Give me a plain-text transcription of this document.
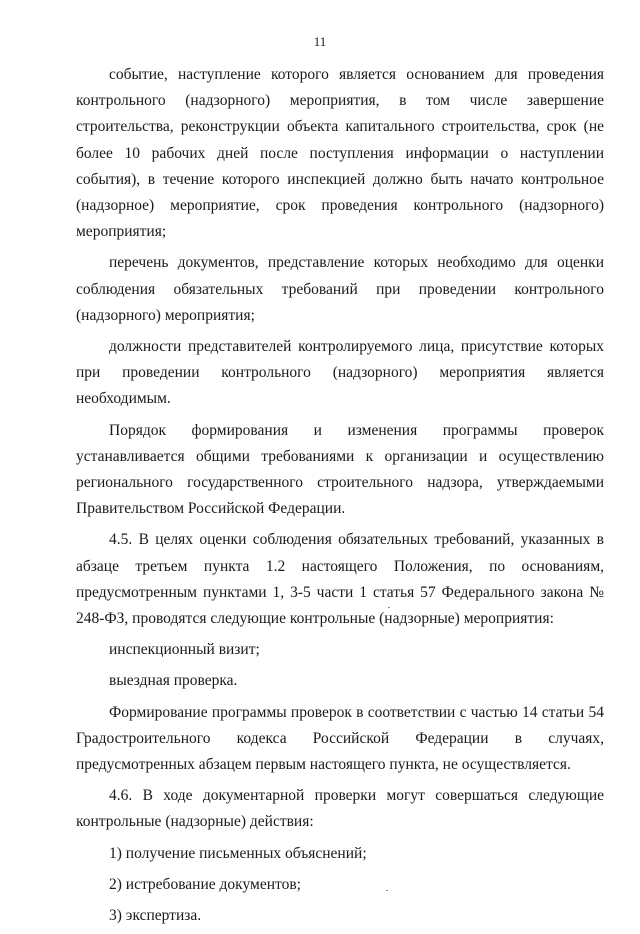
11

событие, наступление которого является основанием для проведения контрольного (надзорного) мероприятия, в том числе завершение строительства, реконструкции объекта капитального строительства, срок (не более 10 рабочих дней после поступления информации о наступлении события), в течение которого инспекцией должно быть начато контрольное (надзорное) мероприятие, срок проведения контрольного (надзорного) мероприятия;

перечень документов, представление которых необходимо для оценки соблюдения обязательных требований при проведении контрольного (надзорного) мероприятия;

должности представителей контролируемого лица, присутствие которых при проведении контрольного (надзорного) мероприятия является необходимым.

Порядок формирования и изменения программы проверок устанавливается общими требованиями к организации и осуществлению регионального государственного строительного надзора, утверждаемыми Правительством Российской Федерации.

4.5. В целях оценки соблюдения обязательных требований, указанных в абзаце третьем пункта 1.2 настоящего Положения, по основаниям, предусмотренным пунктами 1, 3-5 части 1 статья 57 Федерального закона № 248-ФЗ, проводятся следующие контрольные (надзорные) мероприятия:

инспекционный визит;

выездная проверка.

Формирование программы проверок в соответствии с частью 14 статьи 54 Градостроительного кодекса Российской Федерации в случаях, предусмотренных абзацем первым настоящего пункта, не осуществляется.

4.6. В ходе документарной проверки могут совершаться следующие контрольные (надзорные) действия:

1) получение письменных объяснений;

2) истребование документов;

3) экспертиза.
